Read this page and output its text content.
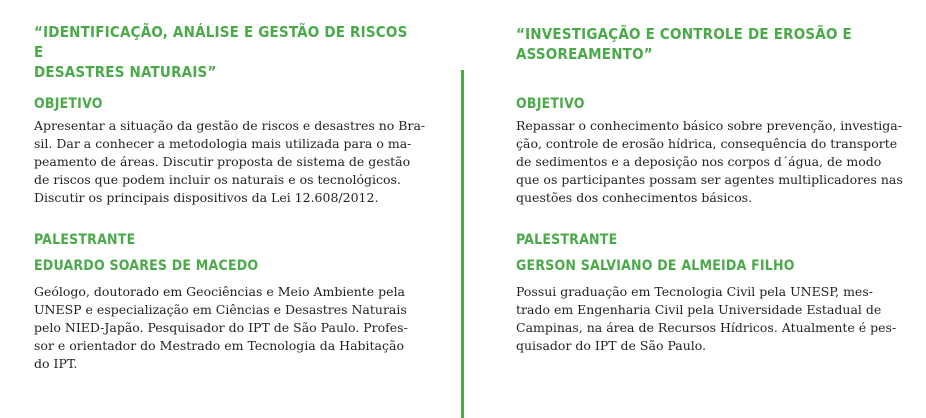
“IDENTIFICAÇÃO, ANÁLISE E GESTÃO DE RISCOS E
DESASTRES NATURAIS”
OBJETIVO

Apresentar a situação da gestão de riscos e desastres no Bra-
sil. Dar a conhecer a metodologia mais utilizada para o ma-
peamento de áreas. Discutir proposta de sistema de gestão
de riscos que podem incluir os naturais e os tecnológicos.
Discutir os principais dispositivos da Lei 12.608/2012.

PALESTRANTE
EDUARDO SOARES DE MACEDO

Geólogo, doutorado em Geociências e Meio Ambiente pela
UNESP e especialização em Ciências e Desastres Naturais
pelo NIED-Japão. Pesquisador do IPT de São Paulo. Profes-
sor e orientador do Mestrado em Tecnologia da Habitação
do IPT.

“INVESTIGAÇÃO E CONTROLE DE EROSÃO E ASSOREAMENTO”
OBJETIVO

Repassar o conhecimento básico sobre prevenção, investiga-
ção, controle de erosão hídrica, consequência do transporte
de sedimentos e a deposição nos corpos d´água, de modo
que os participantes possam ser agentes multiplicadores nas
questões dos conhecimentos básicos.

PALESTRANTE
GERSON SALVIANO DE ALMEIDA FILHO

Possui graduação em Tecnologia Civil pela UNESP, mes-
trado em Engenharia Civil pela Universidade Estadual de
Campinas, na área de Recursos Hídricos. Atualmente é pes-
quisador do IPT de São Paulo.
